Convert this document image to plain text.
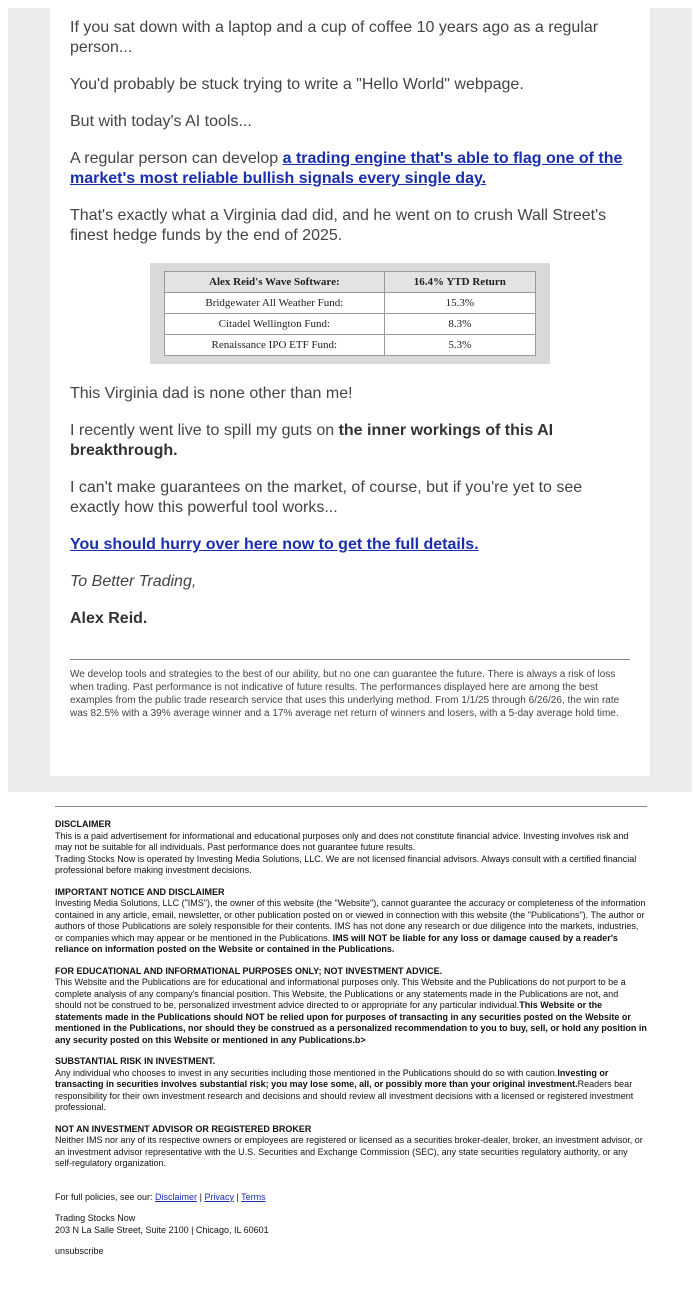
If you sat down with a laptop and a cup of coffee 10 years ago as a regular person...

You'd probably be stuck trying to write a "Hello World" webpage.

But with today's AI tools...

A regular person can develop a trading engine that's able to flag one of the market's most reliable bullish signals every single day.

That's exactly what a Virginia dad did, and he went on to crush Wall Street's finest hedge funds by the end of 2025.

Alex Reid's Wave Software:	16.4% YTD Return
Bridgewater All Weather Fund:	15.3%
Citadel Wellington Fund:	8.3%
Renaissance IPO ETF Fund:	5.3%

This Virginia dad is none other than me!

I recently went live to spill my guts on the inner workings of this AI breakthrough.

I can't make guarantees on the market, of course, but if you're yet to see exactly how this powerful tool works...

You should hurry over here now to get the full details.

To Better Trading,

Alex Reid.

We develop tools and strategies to the best of our ability, but no one can guarantee the future. There is always a risk of loss when trading. Past performance is not indicative of future results. The performances displayed here are among the best examples from the public trade research service that uses this underlying method. From 1/1/25 through 6/26/26, the win rate was 82.5% with a 39% average winner and a 17% average net return of winners and losers, with a 5-day average hold time.
DISCLAIMER
This is a paid advertisement for informational and educational purposes only and does not constitute financial advice. Investing involves risk and may not be suitable for all individuals. Past performance does not guarantee future results.
Trading Stocks Now is operated by Investing Media Solutions, LLC. We are not licensed financial advisors. Always consult with a certified financial professional before making investment decisions.
IMPORTANT NOTICE AND DISCLAIMER
Investing Media Solutions, LLC ("IMS"), the owner of this website (the "Website"), cannot guarantee the accuracy or completeness of the information contained in any article, email, newsletter, or other publication posted on or viewed in connection with this website (the "Publications"). The author or authors of those Publications are solely responsible for their contents. IMS has not done any research or due diligence into the markets, industries, or companies which may appear or be mentioned in the Publications. IMS will NOT be liable for any loss or damage caused by a reader's reliance on information posted on the Website or contained in the Publications.
FOR EDUCATIONAL AND INFORMATIONAL PURPOSES ONLY; NOT INVESTMENT ADVICE.
This Website and the Publications are for educational and informational purposes only. This Website and the Publications do not purport to be a complete analysis of any company's financial position. This Website, the Publications or any statements made in the Publications are not, and should not be construed to be, personalized investment advice directed to or appropriate for any particular individual.This Website or the statements made in the Publications should NOT be relied upon for purposes of transacting in any securities posted on the Website or mentioned in the Publications, nor should they be construed as a personalized recommendation to you to buy, sell, or hold any position in any security posted on this Website or mentioned in any Publications.b>
SUBSTANTIAL RISK IN INVESTMENT.
Any individual who chooses to invest in any securities including those mentioned in the Publications should do so with caution.Investing or transacting in securities involves substantial risk; you may lose some, all, or possibly more than your original investment.Readers bear responsibility for their own investment research and decisions and should review all investment decisions with a licensed or registered investment professional.
NOT AN INVESTMENT ADVISOR OR REGISTERED BROKER
Neither IMS nor any of its respective owners or employees are registered or licensed as a securities broker-dealer, broker, an investment advisor, or an investment advisor representative with the U.S. Securities and Exchange Commission (SEC), any state securities regulatory authority, or any self-regulatory organization.
For full policies, see our: Disclaimer | Privacy | Terms
Trading Stocks Now
203 N La Salle Street, Suite 2100 | Chicago, IL 60601
unsubscribe
